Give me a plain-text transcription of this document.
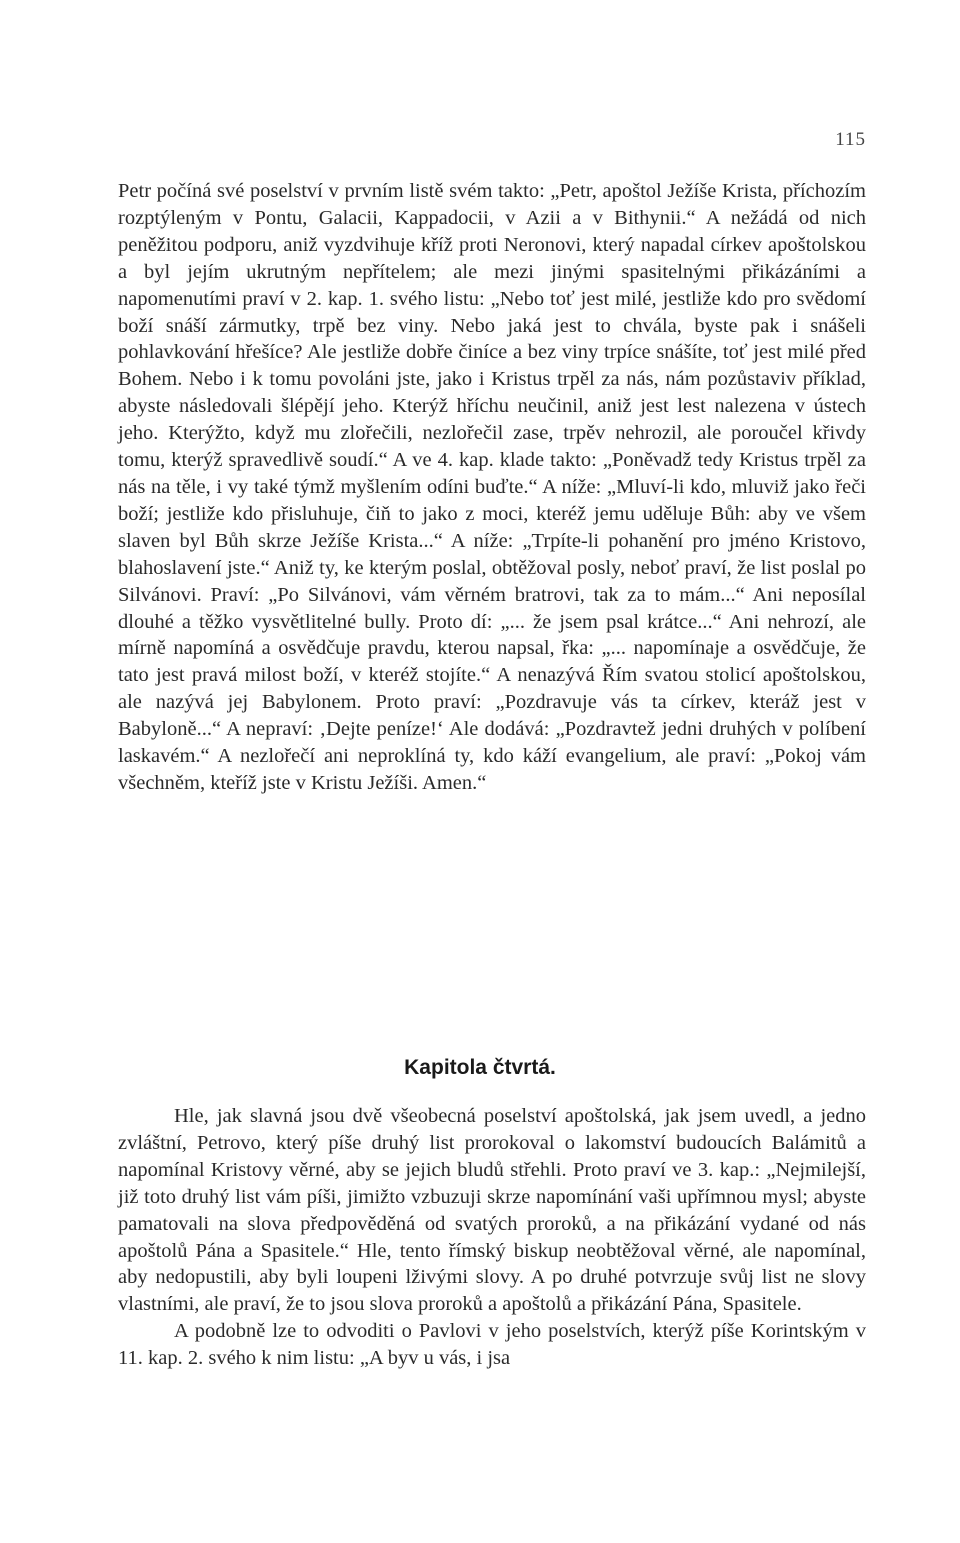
115

Petr počíná své poselství v prvním listě svém takto: „Petr, apoštol Ježíše Krista, příchozím rozptýleným v Pontu, Galacii, Kappadocii, v Azii a v Bithynii.“ A nežádá od nich peněžitou podporu, aniž vyzdvihuje kříž proti Neronovi, který napadal církev apoštolskou a byl jejím ukrutným nepřítelem; ale mezi jinými spasitelnými přikázáními a napomenutími praví v 2. kap. 1. svého listu: „Nebo toť jest milé, jestliže kdo pro svědomí boží snáší zármutky, trpě bez viny. Nebo jaká jest to chvála, byste pak i snášeli pohlavkování hřešíce? Ale jestliže dobře činíce a bez viny trpíce snášíte, toť jest milé před Bohem. Nebo i k tomu povoláni jste, jako i Kristus trpěl za nás, nám pozůstaviv příklad, abyste následovali šlépějí jeho. Kterýž hříchu neučinil, aniž jest lest nalezena v ústech jeho. Kterýžto, když mu zlořečili, nezlořečil zase, trpěv nehrozil, ale poroučel křivdy tomu, kterýž spravedlivě soudí.“ A ve 4. kap. klade takto: „Poněvadž tedy Kristus trpěl za nás na těle, i vy také týmž myšlením odíni buďte.“ A níže: „Mluví-li kdo, mluviž jako řeči boží; jestliže kdo přisluhuje, čiň to jako z moci, kteréž jemu uděluje Bůh: aby ve všem slaven byl Bůh skrze Ježíše Krista...“ A níže: „Trpíte-li pohanění pro jméno Kristovo, blahoslavení jste.“ Aniž ty, ke kterým poslal, obtěžoval posly, neboť praví, že list poslal po Silvánovi. Praví: „Po Silvánovi, vám věrném bratrovi, tak za to mám...“ Ani neposílal dlouhé a těžko vysvětlitelné bully. Proto dí: „... že jsem psal krátce...“ Ani nehrozí, ale mírně napomíná a osvědčuje pravdu, kterou napsal, řka: „... napomínaje a osvědčuje, že tato jest pravá milost boží, v kteréž stojíte.“ A nenazývá Řím svatou stolicí apoštolskou, ale nazývá jej Babylonem. Proto praví: „Pozdravuje vás ta církev, kteráž jest v Babyloně...“ A nepraví: ‚Dejte peníze!‘ Ale dodává: „Pozdravtež jedni druhých v políbení laskavém.“ A nezlořečí ani neproklíná ty, kdo káží evangelium, ale praví: „Pokoj vám všechněm, kteříž jste v Kristu Ježíši. Amen.“

Kapitola čtvrtá.

Hle, jak slavná jsou dvě všeobecná poselství apoštolská, jak jsem uvedl, a jedno zvláštní, Petrovo, který píše druhý list prorokoval o lakomství budoucích Balámitů a napomínal Kristovy věrné, aby se jejich bludů střehli. Proto praví ve 3. kap.: „Nejmilejší, již toto druhý list vám píši, jimižto vzbuzuji skrze napomínání vaši upřímnou mysl; abyste pamatovali na slova předpověděná od svatých proroků, a na přikázání vydané od nás apoštolů Pána a Spasitele.“ Hle, tento římský biskup neobtěžoval věrné, ale napomínal, aby nedopustili, aby byli loupeni lživými slovy. A po druhé potvrzuje svůj list ne slovy vlastními, ale praví, že to jsou slova proroků a apoštolů a přikázání Pána, Spasitele.

A podobně lze to odvoditi o Pavlovi v jeho poselstvích, kterýž píše Korintským v 11. kap. 2. svého k nim listu: „A byv u vás, i jsa
